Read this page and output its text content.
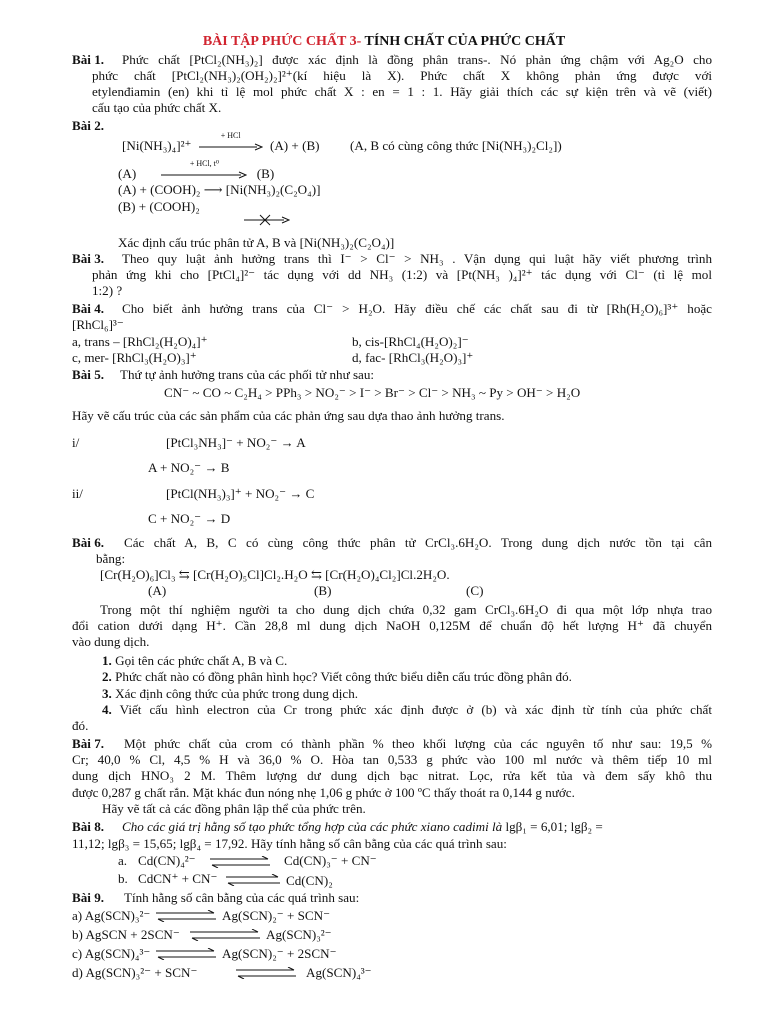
BÀI TẬP PHỨC CHẤT 3- TÍNH CHẤT CỦA PHỨC CHẤT
Bài 1. Phức chất [PtCl₂(NH₃)₂] được xác định là đồng phân trans-. Nó phản ứng chậm với Ag₂O cho
phức chất [PtCl₂(NH₃)₂(OH₂)₂]²⁺(kí hiệu là X). Phức chất X không phản ứng được với
etylenđiamin (en) khi tỉ lệ mol phức chất X : en = 1 : 1. Hãy giải thích các sự kiện trên và vẽ (viết)
cấu tạo của phức chất X.
Bài 2.
[Ni(NH₃)₄]²⁺
+ HCl
(A) + (B) (A, B có cùng công thức [Ni(NH₃)₂Cl₂])
(A)
+ HCl, t⁰
(B)
(A) + (COOH)₂ ⟶ [Ni(NH₃)₂(C₂O₄)]
(B) + (COOH)₂
Xác định cấu trúc phân tử A, B và [Ni(NH₃)₂(C₂O₄)]
Bài 3. Theo quy luật ảnh hưởng trans thì I⁻ > Cl⁻ > NH₃ . Vận dụng qui luật hãy viết phương trình
phản ứng khi cho [PtCl₄]²⁻ tác dụng với dd NH₃ (1:2) và [Pt(NH₃ )₄]²⁺ tác dụng với Cl⁻ (tỉ lệ mol
1:2) ?
Bài 4. Cho biết ảnh hưởng trans của Cl⁻ > H₂O. Hãy điều chế các chất sau đi từ [Rh(H₂O)₆]³⁺ hoặc
[RhCl₆]³⁻
a, trans – [RhCl₂(H₂O)₄]⁺	b, cis-[RhCl₄(H₂O)₂]⁻
c, mer- [RhCl₃(H₂O)₃]⁺	d, fac- [RhCl₃(H₂O)₃]⁺
Bài 5. Thứ tự ảnh hưởng trans của các phối tử như sau:
CN⁻ ~ CO ~ C₂H₄ > PPh₃ > NO₂⁻ > I⁻ > Br⁻ > Cl⁻ > NH₃ ~ Py > OH⁻ > H₂O
Hãy vẽ cấu trúc của các sản phẩm của các phản ứng sau dựa thao ảnh hưởng trans.
i/	[PtCl₃NH₃]⁻ + NO₂⁻ → A
A + NO₂⁻ → B
ii/	[PtCl(NH₃)₃]⁺ + NO₂⁻ → C
C + NO₂⁻ → D
Bài 6. Các chất A, B, C có cùng công thức phân tử CrCl₃.6H₂O. Trong dung dịch nước tồn tại cân
bằng:
[Cr(H₂O)₆]Cl₃ ⇆ [Cr(H₂O)₅Cl]Cl₂.H₂O ⇆ [Cr(H₂O)₄Cl₂]Cl.2H₂O.
(A)	(B)	(C)
Trong một thí nghiệm người ta cho dung dịch chứa 0,32 gam CrCl₃.6H₂O đi qua một lớp nhựa trao
đổi cation dưới dạng H⁺. Cần 28,8 ml dung dịch NaOH 0,125M để chuẩn độ hết lượng H⁺ đã chuyển
vào dung dịch.
1. Gọi tên các phức chất A, B và C.
2. Phức chất nào có đồng phân hình học? Viết công thức biểu diễn cấu trúc đồng phân đó.
3. Xác định công thức của phức trong dung dịch.
4. Viết cấu hình electron của Cr trong phức xác định được ở (b) và xác định từ tính của phức chất
đó.
Bài 7. Một phức chất của crom có thành phần % theo khối lượng của các nguyên tố như sau: 19,5 %
Cr; 40,0 % Cl, 4,5 % H và 36,0 % O. Hòa tan 0,533 g phức vào 100 ml nước và thêm tiếp 10 ml
dung dịch HNO₃ 2 M. Thêm lượng dư dung dịch bạc nitrat. Lọc, rửa kết tủa và đem sấy khô thu
được 0,287 g chất rắn. Mặt khác đun nóng nhẹ 1,06 g phức ở 100 ºC thấy thoát ra 0,144 g nước.
Hãy vẽ tất cả các đồng phân lập thể của phức trên.
Bài 8. Cho các giá trị hằng số tạo phức tổng hợp của các phức xiano cadimi là lgβ₁ = 6,01; lgβ₂ =
11,12; lgβ₃ = 15,65; lgβ₄ = 17,92. Hãy tính hằng số cân bằng của các quá trình sau:
a. Cd(CN)₄²⁻	Cd(CN)₃⁻ + CN⁻
b. CdCN⁺ + CN⁻	Cd(CN)₂
Bài 9. Tính hằng số cân bằng của các quá trình sau:
a) Ag(SCN)₃²⁻	Ag(SCN)₂⁻ + SCN⁻
b) AgSCN + 2SCN⁻	Ag(SCN)₃²⁻
c) Ag(SCN)₄³⁻	Ag(SCN)₂⁻ + 2SCN⁻
d) Ag(SCN)₃²⁻ + SCN⁻	Ag(SCN)₄³⁻
